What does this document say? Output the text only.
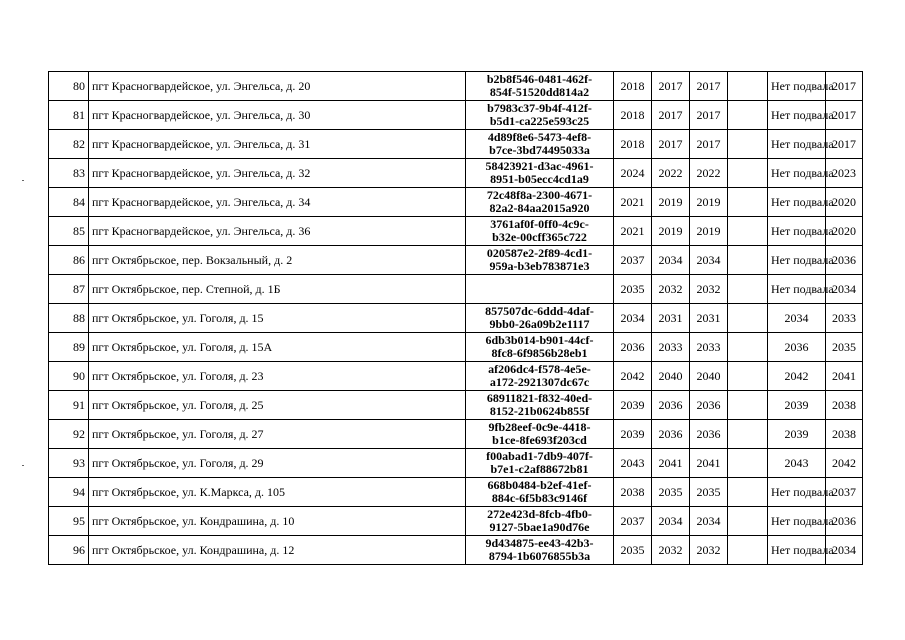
80	пгт Красногвардейское, ул. Энгельса, д. 20	b2b8f546-0481-462f-
854f-51520dd814a2	2018	2017	2017		Нет подвала	2017
81	пгт Красногвардейское, ул. Энгельса, д. 30	b7983c37-9b4f-412f-
b5d1-ca225e593c25	2018	2017	2017		Нет подвала	2017
82	пгт Красногвардейское, ул. Энгельса, д. 31	4d89f8e6-5473-4ef8-
b7ce-3bd74495033a	2018	2017	2017		Нет подвала	2017
83	пгт Красногвардейское, ул. Энгельса, д. 32	58423921-d3ac-4961-
8951-b05ecc4cd1a9	2024	2022	2022		Нет подвала	2023
84	пгт Красногвардейское, ул. Энгельса, д. 34	72c48f8a-2300-4671-
82a2-84aa2015a920	2021	2019	2019		Нет подвала	2020
85	пгт Красногвардейское, ул. Энгельса, д. 36	3761af0f-0ff0-4c9c-
b32e-00cff365c722	2021	2019	2019		Нет подвала	2020
86	пгт Октябрьское, пер. Вокзальный, д. 2	020587e2-2f89-4cd1-
959a-b3eb783871e3	2037	2034	2034		Нет подвала	2036
87	пгт Октябрьское, пер. Степной, д. 1Б		2035	2032	2032		Нет подвала	2034
88	пгт Октябрьское, ул. Гоголя, д. 15	857507dc-6ddd-4daf-
9bb0-26a09b2e1117	2034	2031	2031		2034	2033
89	пгт Октябрьское, ул. Гоголя, д. 15А	6db3b014-b901-44cf-
8fc8-6f9856b28eb1	2036	2033	2033		2036	2035
90	пгт Октябрьское, ул. Гоголя, д. 23	af206dc4-f578-4e5e-
a172-2921307dc67c	2042	2040	2040		2042	2041
91	пгт Октябрьское, ул. Гоголя, д. 25	68911821-f832-40ed-
8152-21b0624b855f	2039	2036	2036		2039	2038
92	пгт Октябрьское, ул. Гоголя, д. 27	9fb28eef-0c9e-4418-
b1ce-8fe693f203cd	2039	2036	2036		2039	2038
93	пгт Октябрьское, ул. Гоголя, д. 29	f00abad1-7db9-407f-
b7e1-c2af88672b81	2043	2041	2041		2043	2042
94	пгт Октябрьское, ул. К.Маркса, д. 105	668b0484-b2ef-41ef-
884c-6f5b83c9146f	2038	2035	2035		Нет подвала	2037
95	пгт Октябрьское, ул. Кондрашина, д. 10	272e423d-8fcb-4fb0-
9127-5bae1a90d76e	2037	2034	2034		Нет подвала	2036
96	пгт Октябрьское, ул. Кондрашина, д. 12	9d434875-ee43-42b3-
8794-1b6076855b3a	2035	2032	2032		Нет подвала	2034
